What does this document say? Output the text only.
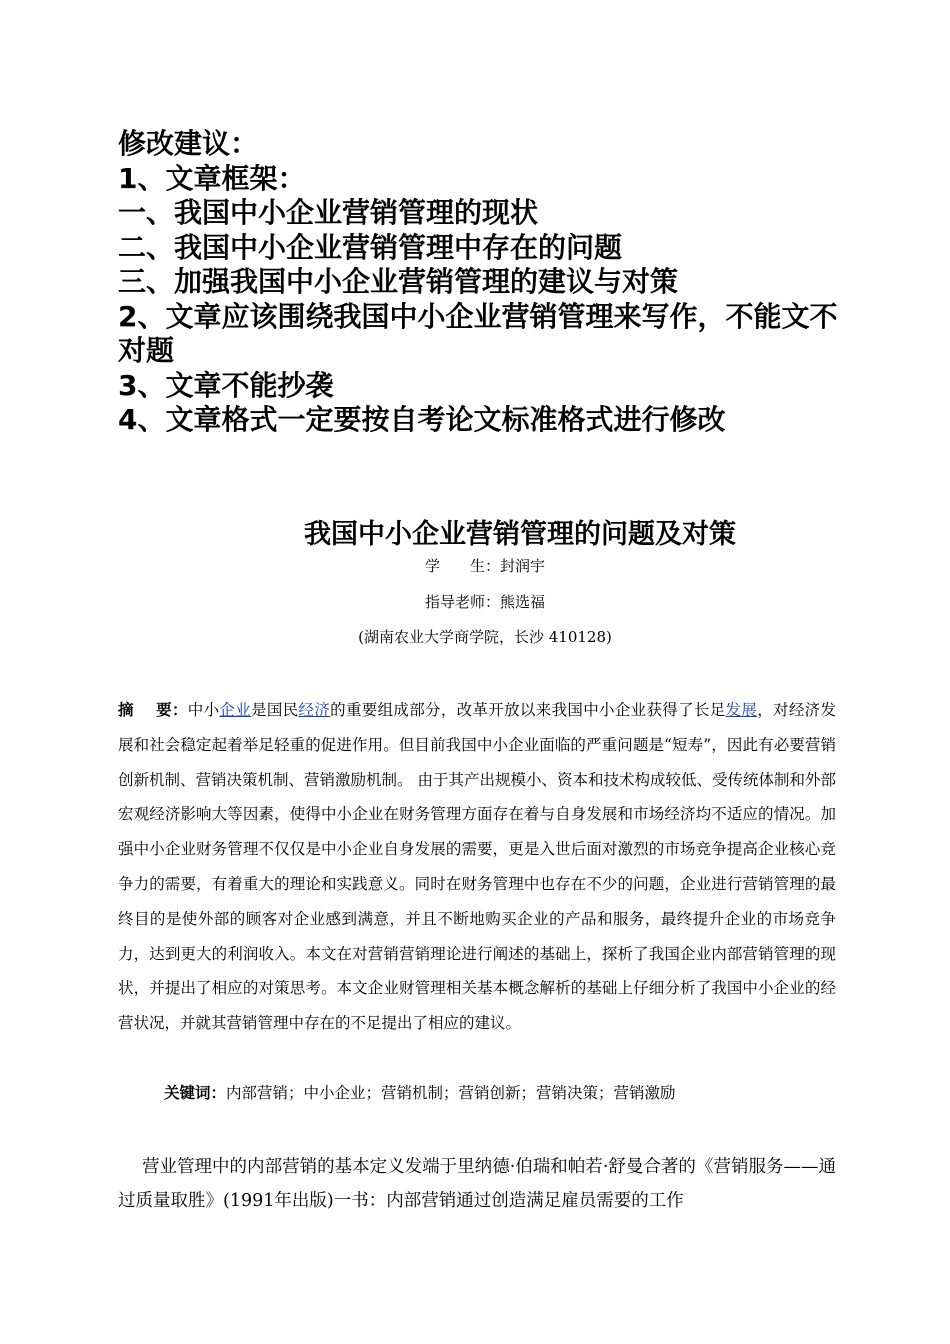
修改建议：
1、文章框架：
一、我国中小企业营销管理的现状
二、我国中小企业营销管理中存在的问题
三、加强我国中小企业营销管理的建议与对策
2、文章应该围绕我国中小企业营销管理来写作，不能文不对题
3、文章不能抄袭
4、文章格式一定要按自考论文标准格式进行修改
我国中小企业营销管理的问题及对策
学　　生：封润宇
指导老师：熊选福
(湖南农业大学商学院，长沙 410128)
摘 要：中小企业是国民经济的重要组成部分，改革开放以来我国中小企业获得了长足发展，对经济发展和社会稳定起着举足轻重的促进作用。但目前我国中小企业面临的严重问题是“短寿”，因此有必要营销创新机制、营销决策机制、营销激励机制。 由于其产出规模小、资本和技术构成较低、受传统体制和外部宏观经济影响大等因素，使得中小企业在财务管理方面存在着与自身发展和市场经济均不适应的情况。加强中小企业财务管理不仅仅是中小企业自身发展的需要，更是入世后面对激烈的市场竞争提高企业核心竞争力的需要，有着重大的理论和实践意义。同时在财务管理中也存在不少的问题，企业进行营销管理的最终目的是使外部的顾客对企业感到满意，并且不断地购买企业的产品和服务，最终提升企业的市场竞争力，达到更大的利润收入。本文在对营销营销理论进行阐述的基础上，探析了我国企业内部营销管理的现状，并提出了相应的对策思考。本文企业财管理相关基本概念解析的基础上仔细分析了我国中小企业的经营状况，并就其营销管理中存在的不足提出了相应的建议。
关键词：内部营销；中小企业；营销机制；营销创新；营销决策；营销激励
营业管理中的内部营销的基本定义发端于里纳德·伯瑞和帕若·舒曼合著的《营销服务——通过质量取胜》(1991年出版)一书：内部营销通过创造满足雇员需要的工作
